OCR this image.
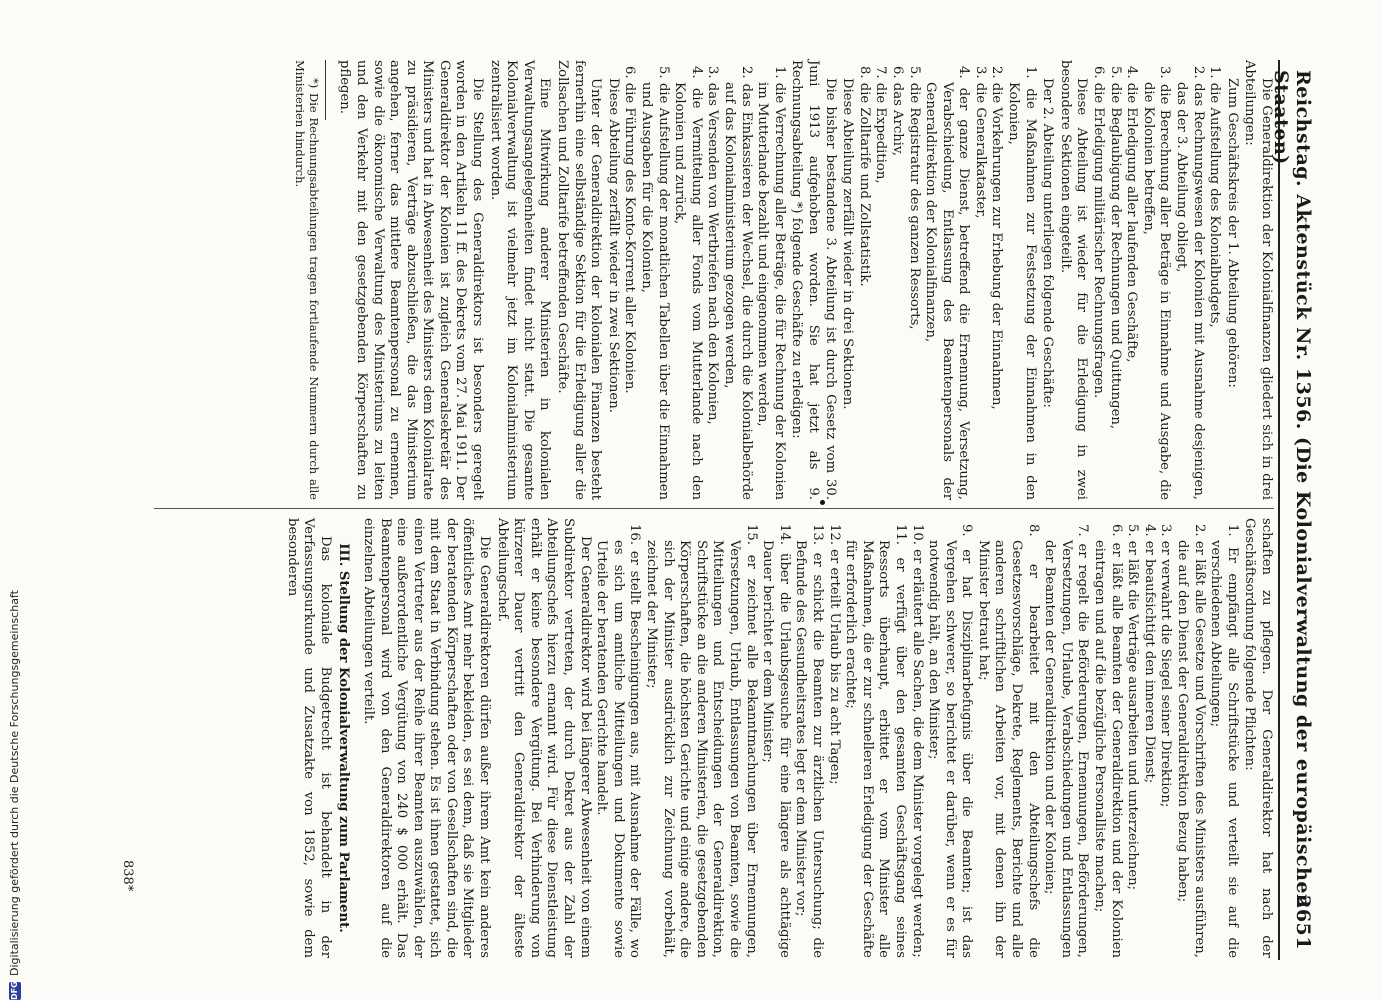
Reichstag. Aktenstück Nr. 1356. (Die Kolonialverwaltung der europäischen Staaten)
2651

Die Generaldirektion der Kolonialfinanzen gliedert sich in drei Abteilungen:

Zum Geschäftskreis der 1. Abteilung gehören:

1. die Aufstellung des Kolonialbudgets,

2. das Rechnungswesen der Kolonien mit Ausnahme desjenigen, das der 3. Abteilung obliegt,

3. die Berechnung aller Beträge in Einnahme und Ausgabe, die die Kolonien betreffen,

4. die Erledigung aller laufenden Geschäfte,

5. die Beglaubigung der Rechnungen und Quittungen,

6. die Erledigung militärischer Rechnungsfragen.

Diese Abteilung ist wieder für die Erledigung in zwei besondere Sektionen eingeteilt.

Der 2. Abteilung unterliegen folgende Geschäfte:

1. die Maßnahmen zur Festsetzung der Einnahmen in den Kolonien,

2. die Vorkehrungen zur Erhebung der Einnahmen,

3. die Generalkataster,

4. der ganze Dienst, betreffend die Ernennung, Versetzung, Verabschiedung, Entlassung des Beamtenpersonals der Generaldirektion der Kolonialfinanzen,

5. die Registratur des ganzen Ressorts,

6. das Archiv,

7. die Expedition,

8. die Zolltarife und Zollstatistik.

Diese Abteilung zerfällt wieder in drei Sektionen.

Die bisher bestandene 3. Abteilung ist durch Gesetz vom 30. Juni 1913 aufgehoben worden. Sie hat jetzt als 9. Rechnungsabteilung *) folgende Geschäfte zu erledigen:

1. die Verrechnung aller Beträge, die für Rechnung der Kolonien im Mutterlande bezahlt und eingenommen werden,

2. das Einkassieren der Wechsel, die durch die Kolonialbehörde auf das Kolonialministerium gezogen werden,

3. das Versenden von Wertbriefen nach den Kolonien,

4. die Vermittelung aller Fonds vom Mutterlande nach den Kolonien und zurück,

5. die Aufstellung der monatlichen Tabellen über die Einnahmen und Ausgaben für die Kolonien,

6. die Führung des Konto-Korrent aller Kolonien.

Diese Abteilung zerfällt wieder in zwei Sektionen.

Unter der Generaldirektion der kolonialen Finanzen besteht fernerhin eine selbständige Sektion für die Erledigung aller die Zollsachen und Zolltarife betreffenden Geschäfte.

Eine Mitwirkung anderer Ministerien in kolonialen Verwaltungsangelegenheiten findet nicht statt. Die gesamte Kolonialverwaltung ist vielmehr jetzt im Kolonialministerium zentralisiert worden.

Die Stellung des Generaldirektors ist besonders geregelt worden in den Artikeln 11 ff. des Dekrets vom 27. Mai 1911. Der Generaldirektor der Kolonien ist zugleich Generalsekretär des Ministers und hat in Abwesenheit des Ministers dem Kolonialrate zu präsidieren, Verträge abzuschließen, die das Ministerium angehen, ferner das mittlere Beamtenpersonal zu ernennen, sowie die ökonomische Verwaltung des Ministeriums zu leiten und den Verkehr mit den gesetzgebenden Körperschaften zu pflegen.

*) Die Rechnungsabteilungen tragen fortlaufende Nummern durch alle Ministerien hindurch.

schaften zu pflegen. Der Generaldirektor hat nach der Geschäftsordnung folgende Pflichten:

1. Er empfängt alle Schriftstücke und verteilt sie auf die verschiedenen Abteilungen;

2. er läßt alle Gesetze und Vorschriften des Ministers ausführen, die auf den Dienst der Generaldirektion Bezug haben;

3. er verwahrt die Siegel seiner Direktion;

4. er beaufsichtigt den inneren Dienst;

5. er läßt die Verträge ausarbeiten und unterzeichnen;

6. er läßt alle Beamten der Generaldirektion und der Kolonien eintragen und auf die bezügliche Personalliste machen;

7. er regelt die Beförderungen, Ernennungen, Beförderungen, Versetzungen, Urlaube, Verabschiedungen und Entlassungen der Beamten der Generaldirektion und der Kolonien;

8. er bearbeitet mit den Abteilungschefs die Gesetzesvorschläge, Dekrete, Reglements, Berichte und alle anderen schriftlichen Arbeiten vor, mit denen ihn der Minister betraut hat;

9. er hat Disziplinarbefugnis über die Beamten; ist das Vergehen schwerer, so berichtet er darüber, wenn er es für notwendig hält, an den Minister;

10. er erläutert alle Sachen, die dem Minister vorgelegt werden;

11. er verfügt über den gesamten Geschäftsgang seines Ressorts überhaupt, erbittet er vom Minister alle Maßnahmen, die er zur schnelleren Erledigung der Geschäfte für erforderlich erachtet;

12. er erteilt Urlaub bis zu acht Tagen;

13. er schickt die Beamten zur ärztlichen Untersuchung; die Befunde des Gesundheitsrates legt er dem Minister vor;

14. über die Urlaubsgesuche für eine längere als achttägige Dauer berichtet er dem Minister;

15. er zeichnet alle Bekanntmachungen über Ernennungen, Versetzungen, Urlaub, Entlassungen von Beamten, sowie die Mitteilungen und Entscheidungen der Generaldirektion, Schriftstücke an die anderen Ministerien, die gesetzgebenden Körperschaften, die höchsten Gerichte und einige andere, die sich der Minister ausdrücklich zur Zeichnung vorbehält, zeichnet der Minister;

16. er stellt Bescheinigungen aus, mit Ausnahme der Fälle, wo es sich um amtliche Mitteilungen und Dokumente sowie Urteile der beratenden Gerichte handelt.

Der Generaldirektor wird bei längerer Abwesenheit von einem Subdirektor vertreten, der durch Dekret aus der Zahl der Abteilungschefs hierzu ernannt wird. Für diese Dienstleistung erhält er keine besondere Vergütung. Bei Verhinderung von kürzerer Dauer vertritt den Generaldirektor der älteste Abteilungschef.

Die Generaldirektoren dürfen außer ihrem Amt kein anderes öffentliches Amt mehr bekleiden, es sei denn, daß sie Mitglieder der beratenden Körperschaften oder von Gesellschaften sind, die mit dem Staat in Verbindung stehen. Es ist ihnen gestattet, sich einen Vertreter aus der Reihe ihrer Beamten auszuwählen, der eine außerordentliche Vergütung von 240 $ 000 erhält. Das Beamtenpersonal wird von den Generaldirektoren auf die einzelnen Abteilungen verteilt.

III. Stellung der Kolonialverwaltung zum Parlament.

Das koloniale Budgetrecht ist behandelt in der Verfassungsurkunde und Zusatzakte von 1852, sowie dem besonderen

838*
DFGDigitalisierung gefördert durch die Deutsche Forschungsgemeinschaft
